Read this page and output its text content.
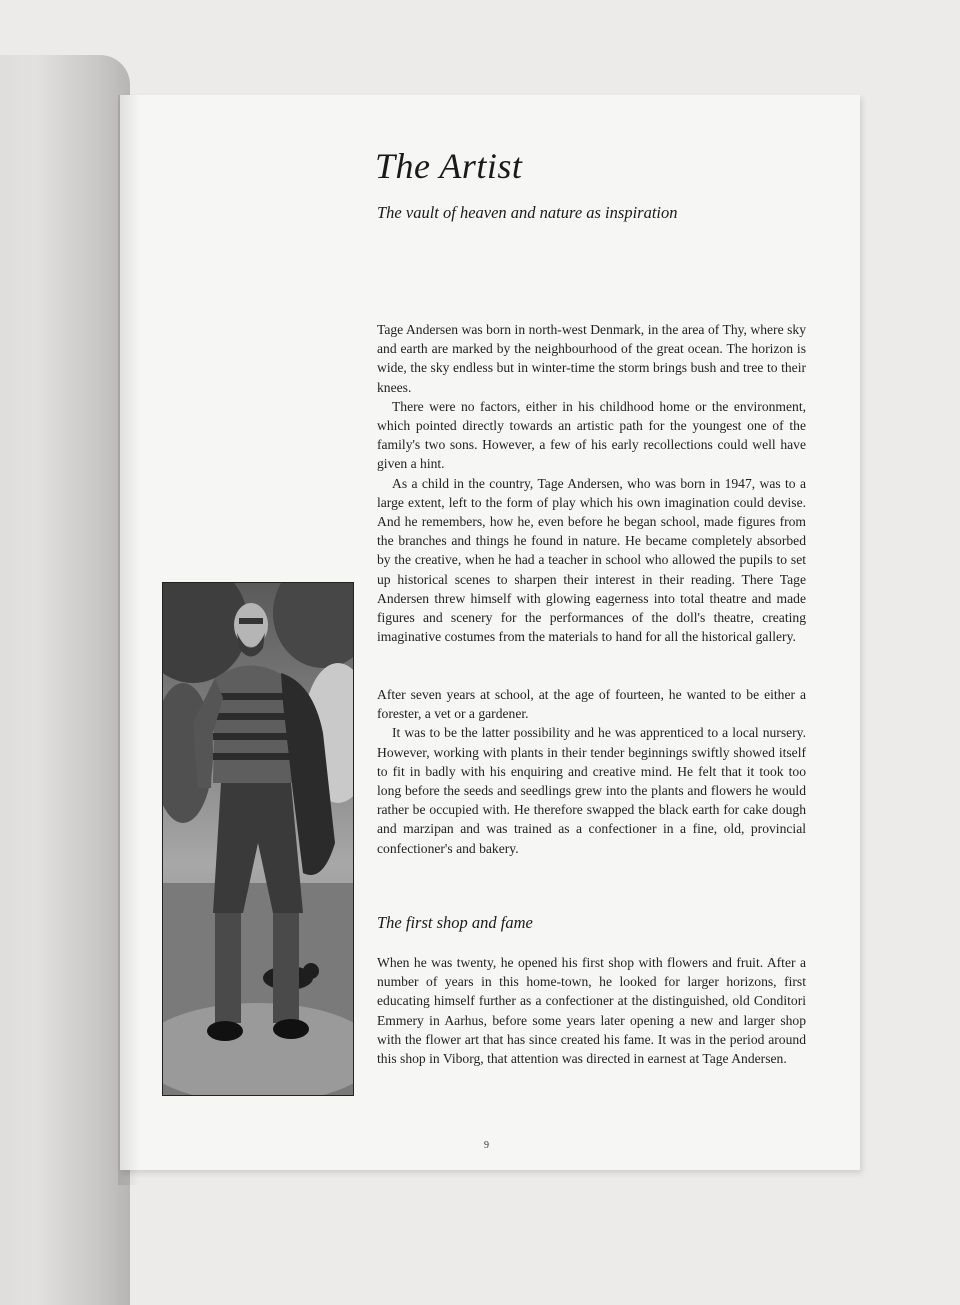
The Artist
The vault of heaven and nature as inspiration

Tage Andersen was born in north-west Denmark, in the area of Thy, where sky and earth are marked by the neighbourhood of the great ocean. The horizon is wide, the sky endless but in winter-time the storm brings bush and tree to their knees.

There were no factors, either in his childhood home or the environment, which pointed directly towards an artistic path for the youngest one of the family's two sons. However, a few of his early recollections could well have given a hint.

As a child in the country, Tage Andersen, who was born in 1947, was to a large extent, left to the form of play which his own imagination could devise. And he remembers, how he, even before he began school, made figures from the branches and things he found in nature. He became completely absorbed by the creative, when he had a teacher in school who allowed the pupils to set up historical scenes to sharpen their interest in their reading. There Tage Andersen threw himself with glowing eagerness into total theatre and made figures and scenery for the performances of the doll's theatre, creating imaginative costumes from the materials to hand for all the historical gallery.

After seven years at school, at the age of fourteen, he wanted to be either a forester, a vet or a gardener.

It was to be the latter possibility and he was apprenticed to a local nursery. However, working with plants in their tender beginnings swiftly showed itself to fit in badly with his enquiring and creative mind. He felt that it took too long before the seeds and seedlings grew into the plants and flowers he would rather be occupied with. He therefore swapped the black earth for cake dough and marzipan and was trained as a confectioner in a fine, old, provincial confectioner's and bakery.

The first shop and fame

When he was twenty, he opened his first shop with flowers and fruit. After a number of years in this home-town, he looked for larger horizons, first educating himself further as a confectioner at the distinguished, old Conditori Emmery in Aarhus, before some years later opening a new and larger shop with the flower art that has since created his fame. It was in the period around this shop in Viborg, that attention was directed in earnest at Tage Andersen.

9
